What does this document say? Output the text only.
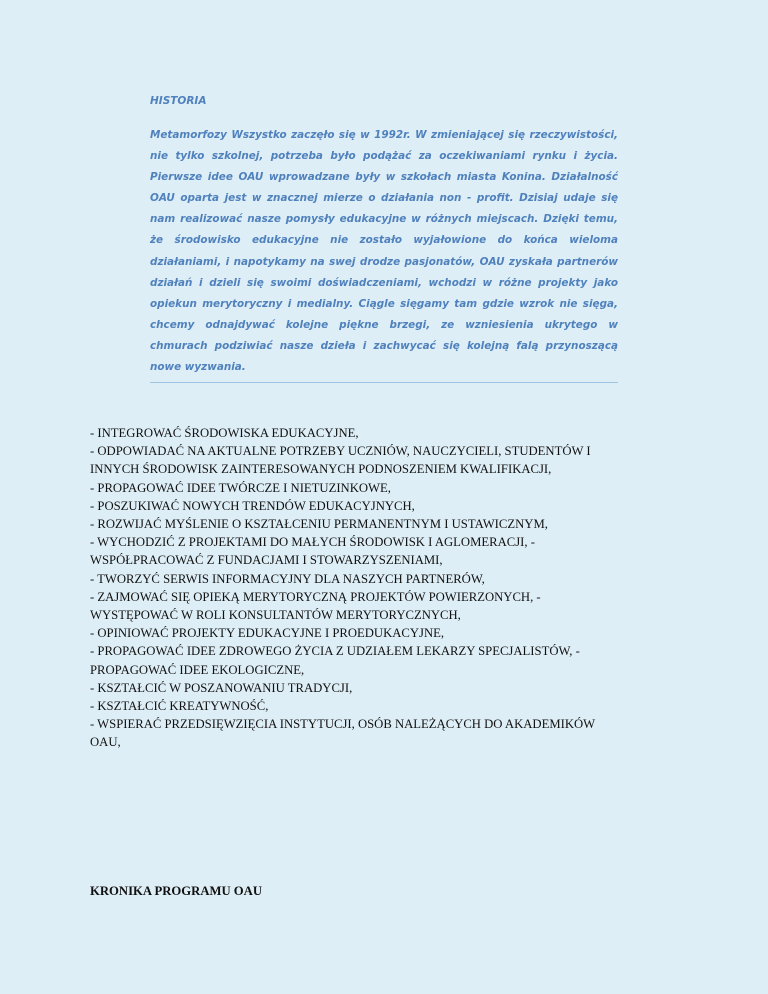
HISTORIA

Metamorfozy Wszystko zaczęło się w 1992r. W zmieniającej się rzeczywistości, nie tylko szkolnej, potrzeba było podążać za oczekiwaniami rynku i życia. Pierwsze idee OAU wprowadzane były w szkołach miasta Konina. Działalność OAU oparta jest w znacznej mierze o działania non - profit. Dzisiaj udaje się nam realizować nasze pomysły edukacyjne w różnych miejscach. Dzięki temu, że środowisko edukacyjne nie zostało wyjałowione do końca wieloma działaniami, i napotykamy na swej drodze pasjonatów, OAU zyskała partnerów działań i dzieli się swoimi doświadczeniami, wchodzi w różne projekty jako opiekun merytoryczny i medialny. Ciągle sięgamy tam gdzie wzrok nie sięga, chcemy odnajdywać kolejne piękne brzegi, ze wzniesienia ukrytego w chmurach podziwiać nasze dzieła i zachwycać się kolejną falą przynoszącą nowe wyzwania.

- INTEGROWAĆ ŚRODOWISKA EDUKACYJNE,
- ODPOWIADAĆ NA AKTUALNE POTRZEBY UCZNIÓW, NAUCZYCIELI, STUDENTÓW I
INNYCH ŚRODOWISK ZAINTERESOWANYCH PODNOSZENIEM KWALIFIKACJI,
- PROPAGOWAĆ IDEE TWÓRCZE I NIETUZINKOWE,
- POSZUKIWAĆ NOWYCH TRENDÓW EDUKACYJNYCH,
- ROZWIJAĆ MYŚLENIE O KSZTAŁCENIU PERMANENTNYM I USTAWICZNYM,
- WYCHODZIĆ Z PROJEKTAMI DO MAŁYCH ŚRODOWISK I AGLOMERACJI, -
WSPÓŁPRACOWAĆ Z FUNDACJAMI I STOWARZYSZENIAMI,
- TWORZYĆ SERWIS INFORMACYJNY DLA NASZYCH PARTNERÓW,
- ZAJMOWAĆ SIĘ OPIEKĄ MERYTORYCZNĄ PROJEKTÓW POWIERZONYCH, -
WYSTĘPOWAĆ W ROLI KONSULTANTÓW MERYTORYCZNYCH,
- OPINIOWAĆ PROJEKTY EDUKACYJNE I PROEDUKACYJNE,
- PROPAGOWAĆ IDEE ZDROWEGO ŻYCIA Z UDZIAŁEM LEKARZY SPECJALISTÓW, -
PROPAGOWAĆ IDEE EKOLOGICZNE,
- KSZTAŁCIĆ W POSZANOWANIU TRADYCJI,
- KSZTAŁCIĆ KREATYWNOŚĆ,
- WSPIERAĆ PRZEDSIĘWZIĘCIA INSTYTUCJI, OSÓB NALEŻĄCYCH DO AKADEMIKÓW
OAU,

KRONIKA PROGRAMU OAU
